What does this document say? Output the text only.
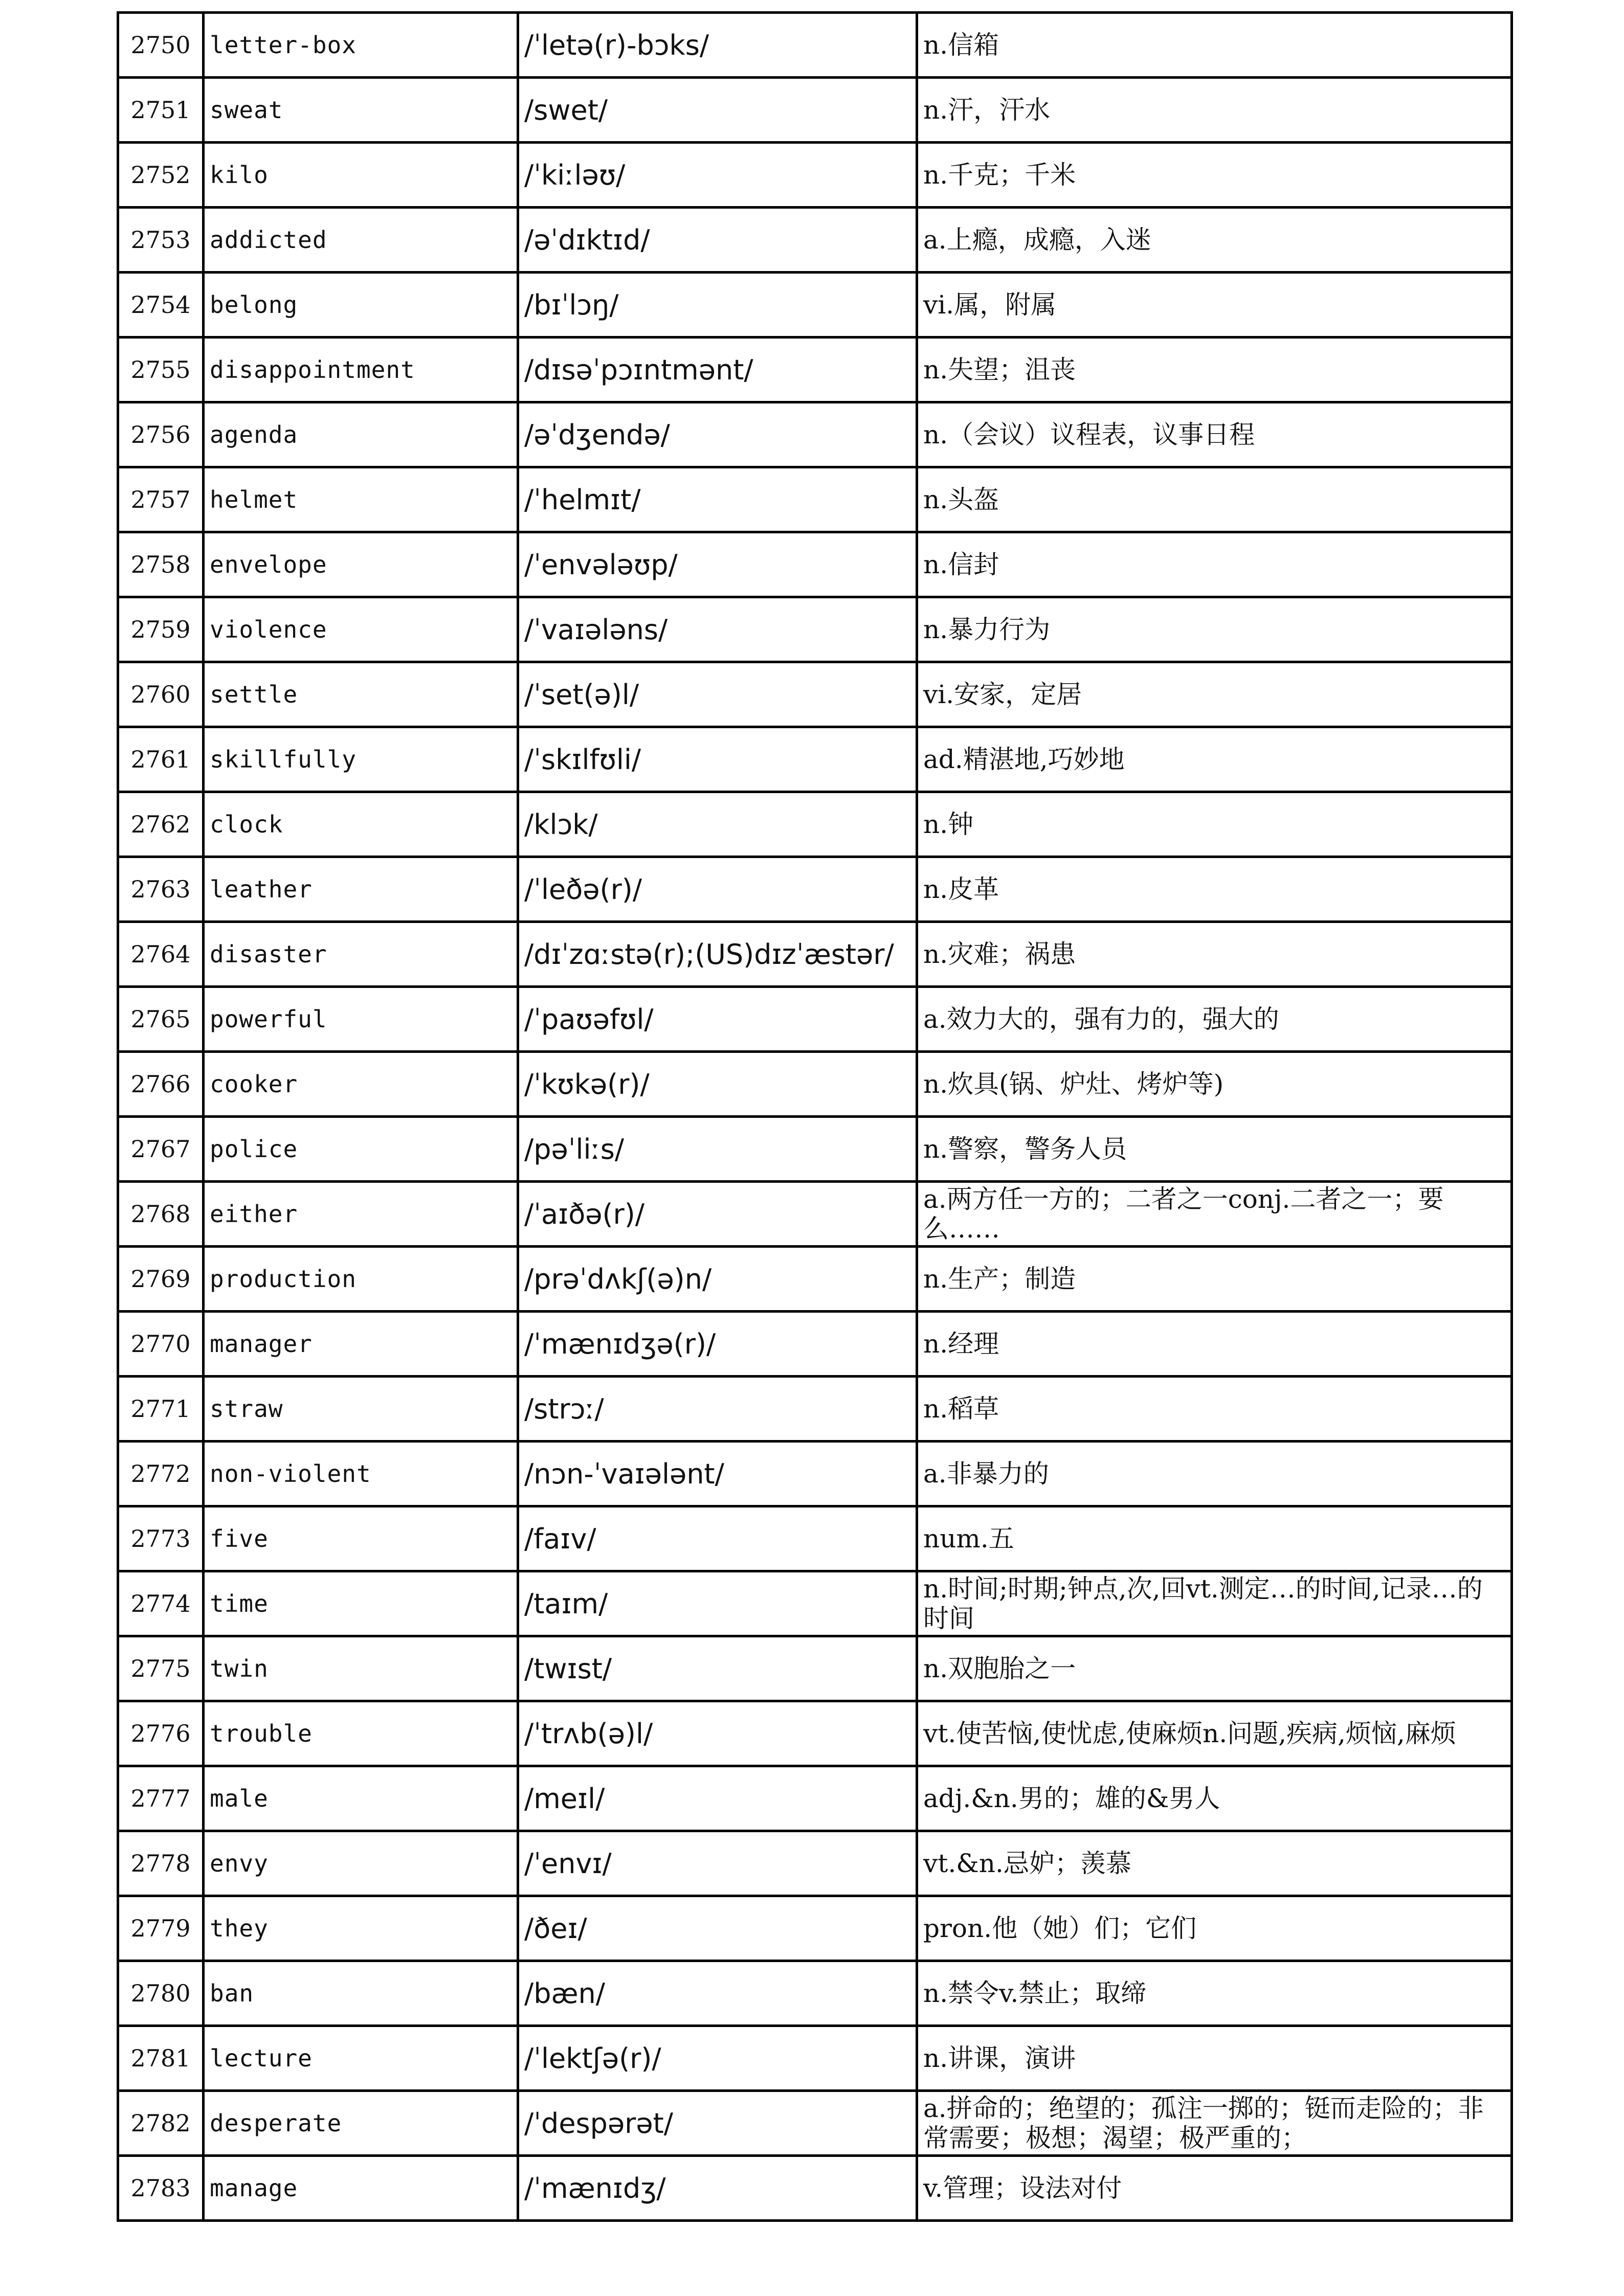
2750	letter-box	/ˈletə(r)-bɔks/	n.信箱
2751	sweat	/swet/	n.汗，汗水
2752	kilo	/ˈkiːləʊ/	n.千克；千米
2753	addicted	/əˈdɪktɪd/	a.上瘾，成瘾，入迷
2754	belong	/bɪˈlɔŋ/	vi.属，附属
2755	disappointment	/dɪsəˈpɔɪntmənt/	n.失望；沮丧
2756	agenda	/əˈdʒendə/	n.（会议）议程表，议事日程
2757	helmet	/ˈhelmɪt/	n.头盔
2758	envelope	/ˈenvələʊp/	n.信封
2759	violence	/ˈvaɪələns/	n.暴力行为
2760	settle	/ˈset(ə)l/	vi.安家，定居
2761	skillfully	/ˈskɪlfʊli/	ad.精湛地,巧妙地
2762	clock	/klɔk/	n.钟
2763	leather	/ˈleðə(r)/	n.皮革
2764	disaster	/dɪˈzɑːstə(r);(US)dɪzˈæstər/	n.灾难；祸患
2765	powerful	/ˈpaʊəfʊl/	a.效力大的，强有力的，强大的
2766	cooker	/ˈkʊkə(r)/	n.炊具(锅、炉灶、烤炉等)
2767	police	/pəˈliːs/	n.警察，警务人员
2768	either	/ˈaɪðə(r)/	a.两方任一方的；二者之一conj.二者之一；要么……
2769	production	/prəˈdʌkʃ(ə)n/	n.生产；制造
2770	manager	/ˈmænɪdʒə(r)/	n.经理
2771	straw	/strɔː/	n.稻草
2772	non-violent	/nɔn-ˈvaɪələnt/	a.非暴力的
2773	five	/faɪv/	num.五
2774	time	/taɪm/	n.时间;时期;钟点,次,回vt.测定…的时间,记录…的时间
2775	twin	/twɪst/	n.双胞胎之一
2776	trouble	/ˈtrʌb(ə)l/	vt.使苦恼,使忧虑,使麻烦n.问题,疾病,烦恼,麻烦
2777	male	/meɪl/	adj.&n.男的；雄的&男人
2778	envy	/ˈenvɪ/	vt.&n.忌妒；羡慕
2779	they	/ðeɪ/	pron.他（她）们；它们
2780	ban	/bæn/	n.禁令v.禁止；取缔
2781	lecture	/ˈlektʃə(r)/	n.讲课，演讲
2782	desperate	/ˈdespərət/	a.拼命的；绝望的；孤注一掷的；铤而走险的；非常需要；极想；渴望；极严重的；
2783	manage	/ˈmænɪdʒ/	v.管理；设法对付
